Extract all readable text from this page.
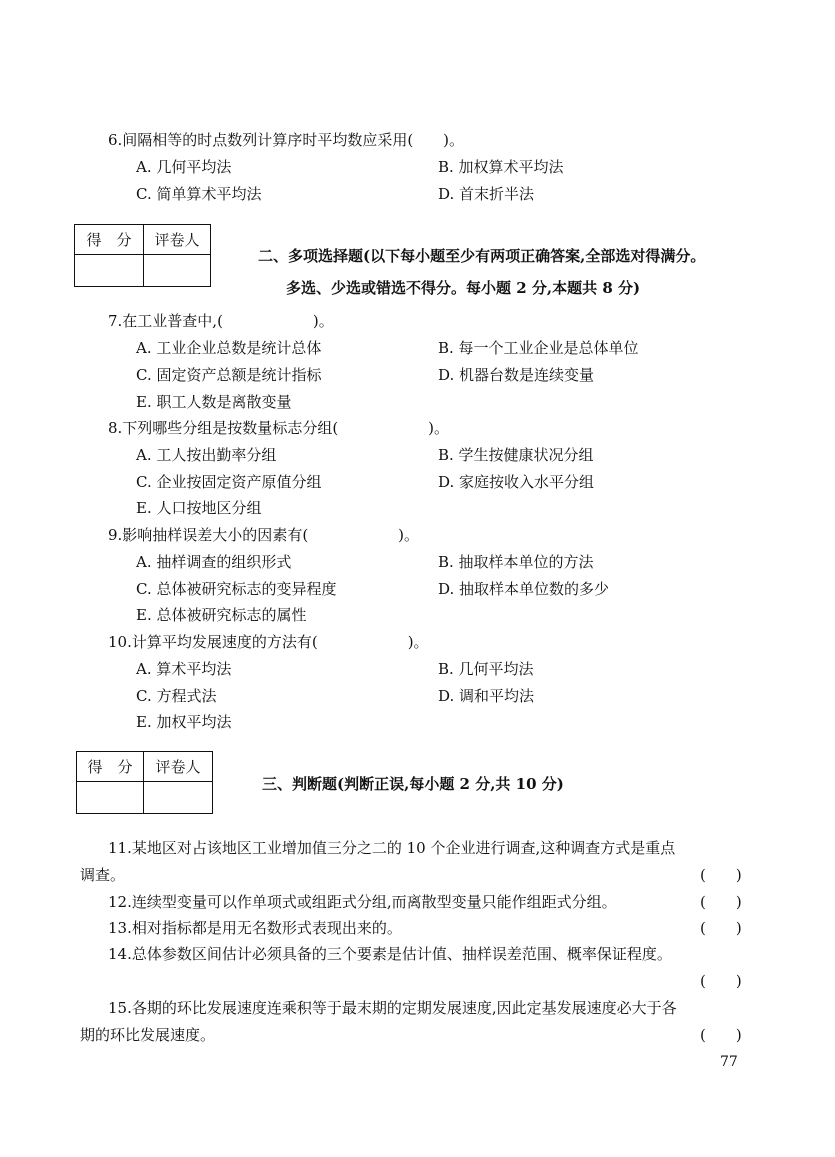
6.间隔相等的时点数列计算序时平均数应采用(　　)。
A. 几何平均法	B. 加权算术平均法
C. 简单算术平均法	D. 首末折半法
得　分	评卷人

二、多项选择题(以下每小题至少有两项正确答案,全部选对得满分。
多选、少选或错选不得分。每小题 2 分,本题共 8 分)
7.在工业普查中,(　　　　　　)。
A. 工业企业总数是统计总体	B. 每一个工业企业是总体单位
C. 固定资产总额是统计指标	D. 机器台数是连续变量
E. 职工人数是离散变量
8.下列哪些分组是按数量标志分组(　　　　　　)。
A. 工人按出勤率分组	B. 学生按健康状况分组
C. 企业按固定资产原值分组	D. 家庭按收入水平分组
E. 人口按地区分组
9.影响抽样误差大小的因素有(　　　　　　)。
A. 抽样调查的组织形式	B. 抽取样本单位的方法
C. 总体被研究标志的变异程度	D. 抽取样本单位数的多少
E. 总体被研究标志的属性
10.计算平均发展速度的方法有(　　　　　　)。
A. 算术平均法	B. 几何平均法
C. 方程式法	D. 调和平均法
E. 加权平均法
得　分	评卷人

三、判断题(判断正误,每小题 2 分,共 10 分)
11.某地区对占该地区工业增加值三分之二的 10 个企业进行调查,这种调查方式是重点
调查。	(　　)
12.连续型变量可以作单项式或组距式分组,而离散型变量只能作组距式分组。	(　　)
13.相对指标都是用无名数形式表现出来的。	(　　)
14.总体参数区间估计必须具备的三个要素是估计值、抽样误差范围、概率保证程度。
(　　)
15.各期的环比发展速度连乘积等于最末期的定期发展速度,因此定基发展速度必大于各
期的环比发展速度。	(　　)
77
